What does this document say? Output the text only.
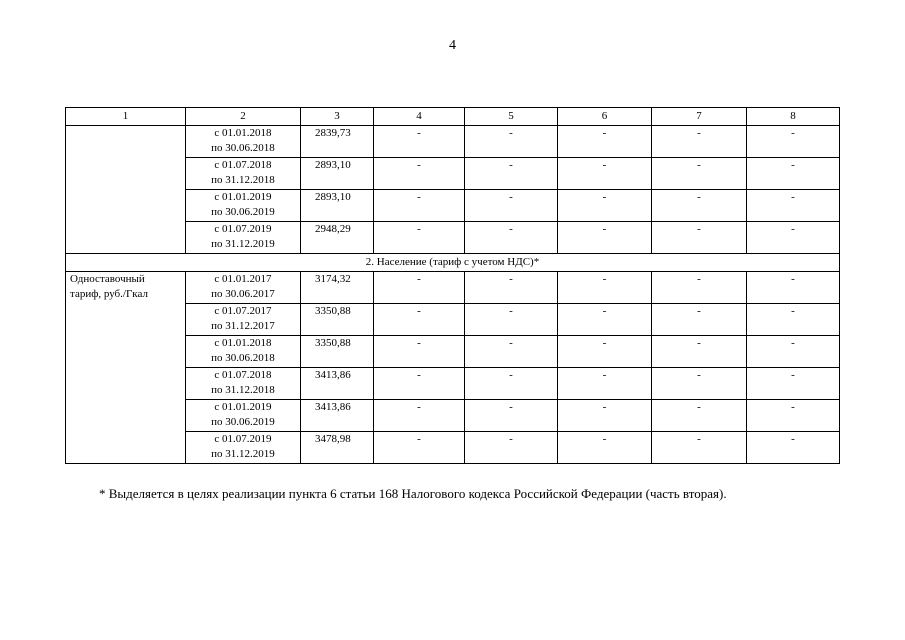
4
1	2	3	4	5	6	7	8

	с 01.01.2018
по 30.06.2018	2839,73	-	-	-	-	-

	с 01.07.2018
по 31.12.2018	2893,10	-	-	-	-	-

	с 01.01.2019
по 30.06.2019	2893,10	-	-	-	-	-

	с 01.07.2019
по 31.12.2019	2948,29	-	-	-	-	-
2. Население (тариф с учетом НДС)*							

Одноставочный
тариф, руб./Гкал	с 01.01.2017
по 30.06.2017	3174,32	-	-	-	-	-

	с 01.07.2017
по 31.12.2017	3350,88	-	-	-	-	-

	с 01.01.2018
по 30.06.2018	3350,88	-	-	-	-	-

	с 01.07.2018
по 31.12.2018	3413,86	-	-	-	-	-

	с 01.01.2019
по 30.06.2019	3413,86	-	-	-	-	-

	с 01.07.2019
по 31.12.2019	3478,98	-	-	-	-	-
* Выделяется в целях реализации пункта 6 статьи 168 Налогового кодекса Российской Федерации (часть вторая).
